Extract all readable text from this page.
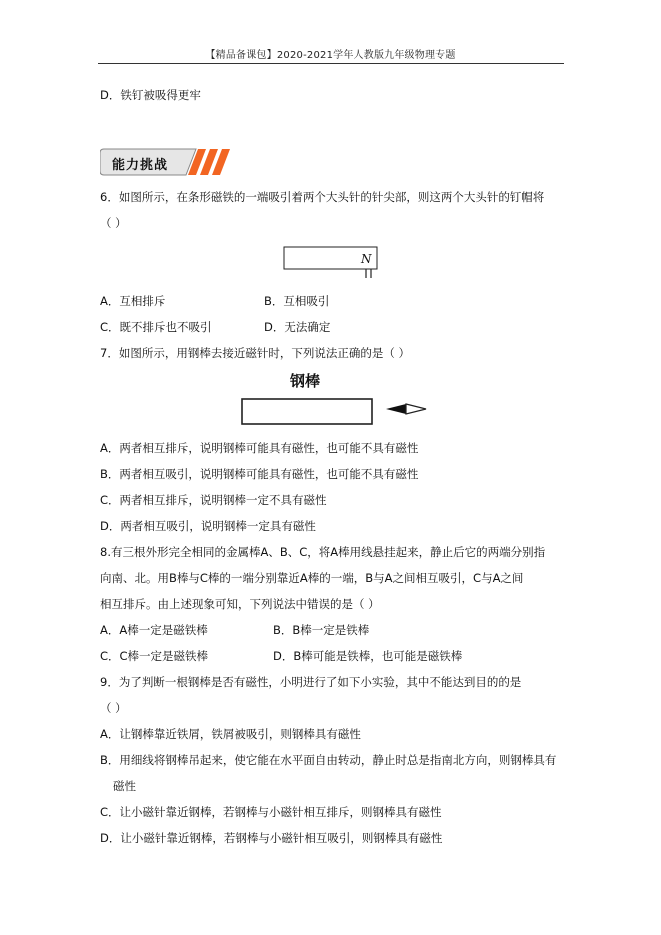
【精品备课包】2020-2021学年人教版九年级物理专题
D．铁钉被吸得更牢
能力挑战
6．如图所示，在条形磁铁的一端吸引着两个大头针的针尖部，则这两个大头针的钉帽将
（ ）
N
A．互相排斥	B．互相吸引
C．既不排斥也不吸引	D．无法确定
7．如图所示，用钢棒去接近磁针时，下列说法正确的是（ ）
钢棒
A．两者相互排斥，说明钢棒可能具有磁性，也可能不具有磁性
B．两者相互吸引，说明钢棒可能具有磁性，也可能不具有磁性
C．两者相互排斥，说明钢棒一定不具有磁性
D．两者相互吸引，说明钢棒一定具有磁性
8.有三根外形完全相同的金属棒A、B、C，将A棒用线悬挂起来，静止后它的两端分别指
向南、北。用B棒与C棒的一端分别靠近A棒的一端，B与A之间相互吸引，C与A之间
相互排斥。由上述现象可知，下列说法中错误的是（ ）
A．A棒一定是磁铁棒	B．B棒一定是铁棒
C．C棒一定是磁铁棒	D．B棒可能是铁棒，也可能是磁铁棒
9．为了判断一根钢棒是否有磁性，小明进行了如下小实验，其中不能达到目的的是
（ ）
A．让钢棒靠近铁屑，铁屑被吸引，则钢棒具有磁性
B．用细线将钢棒吊起来，使它能在水平面自由转动，静止时总是指南北方向，则钢棒具有
磁性
C．让小磁针靠近钢棒，若钢棒与小磁针相互排斥，则钢棒具有磁性
D．让小磁针靠近钢棒，若钢棒与小磁针相互吸引，则钢棒具有磁性
